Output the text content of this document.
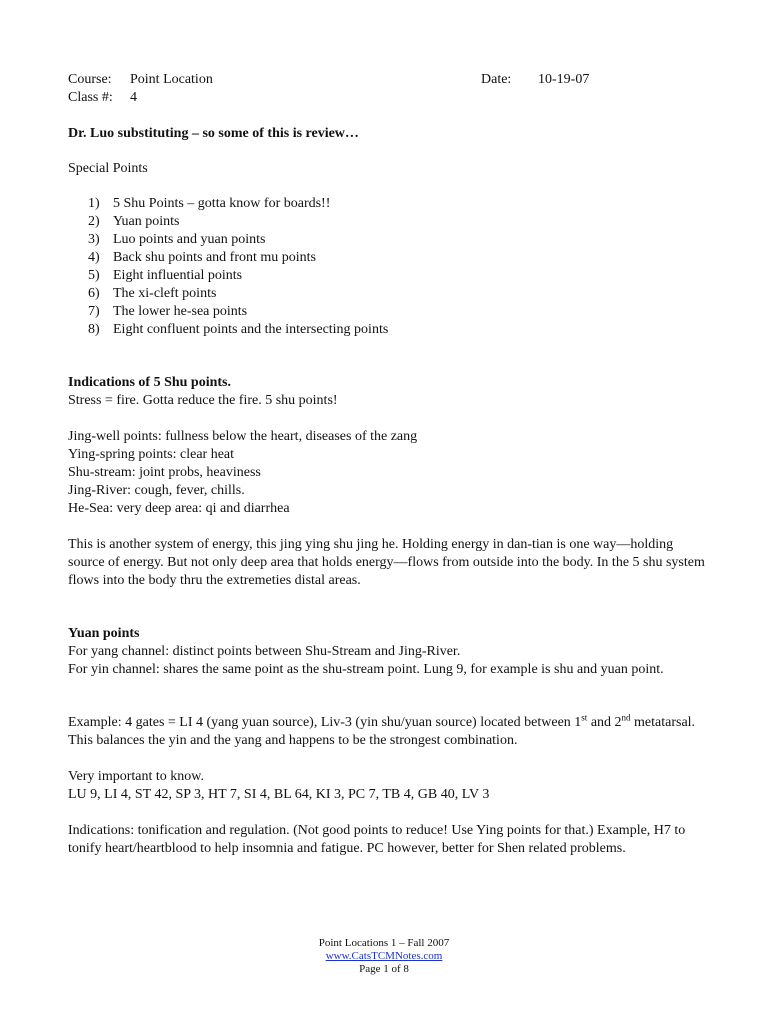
Course: Point Location	Date: 10-19-07
Class #: 4
Dr. Luo substituting – so some of this is review…
Special Points
1) 5 Shu Points – gotta know for boards!!
2) Yuan points
3) Luo points and yuan points
4) Back shu points and front mu points
5) Eight influential points
6) The xi-cleft points
7) The lower he-sea points
8) Eight confluent points and the intersecting points
Indications of 5 Shu points.
Stress = fire. Gotta reduce the fire. 5 shu points!
Jing-well points: fullness below the heart, diseases of the zang
Ying-spring points: clear heat
Shu-stream: joint probs, heaviness
Jing-River: cough, fever, chills.
He-Sea: very deep area: qi and diarrhea
This is another system of energy, this jing ying shu jing he. Holding energy in dan-tian is one way—holding source of energy. But not only deep area that holds energy—flows from outside into the body. In the 5 shu system flows into the body thru the extremeties distal areas.
Yuan points
For yang channel: distinct points between Shu-Stream and Jing-River.
For yin channel: shares the same point as the shu-stream point. Lung 9, for example is shu and yuan point.
Example: 4 gates = LI 4 (yang yuan source), Liv-3 (yin shu/yuan source) located between 1st and 2nd metatarsal. This balances the yin and the yang and happens to be the strongest combination.
Very important to know.
LU 9, LI 4, ST 42, SP 3, HT 7, SI 4, BL 64, KI 3, PC 7, TB 4, GB 40, LV 3
Indications: tonification and regulation. (Not good points to reduce! Use Ying points for that.) Example, H7 to tonify heart/heartblood to help insomnia and fatigue. PC however, better for Shen related problems.
Point Locations 1 – Fall 2007
www.CatsTCMNotes.com
Page 1 of 8
